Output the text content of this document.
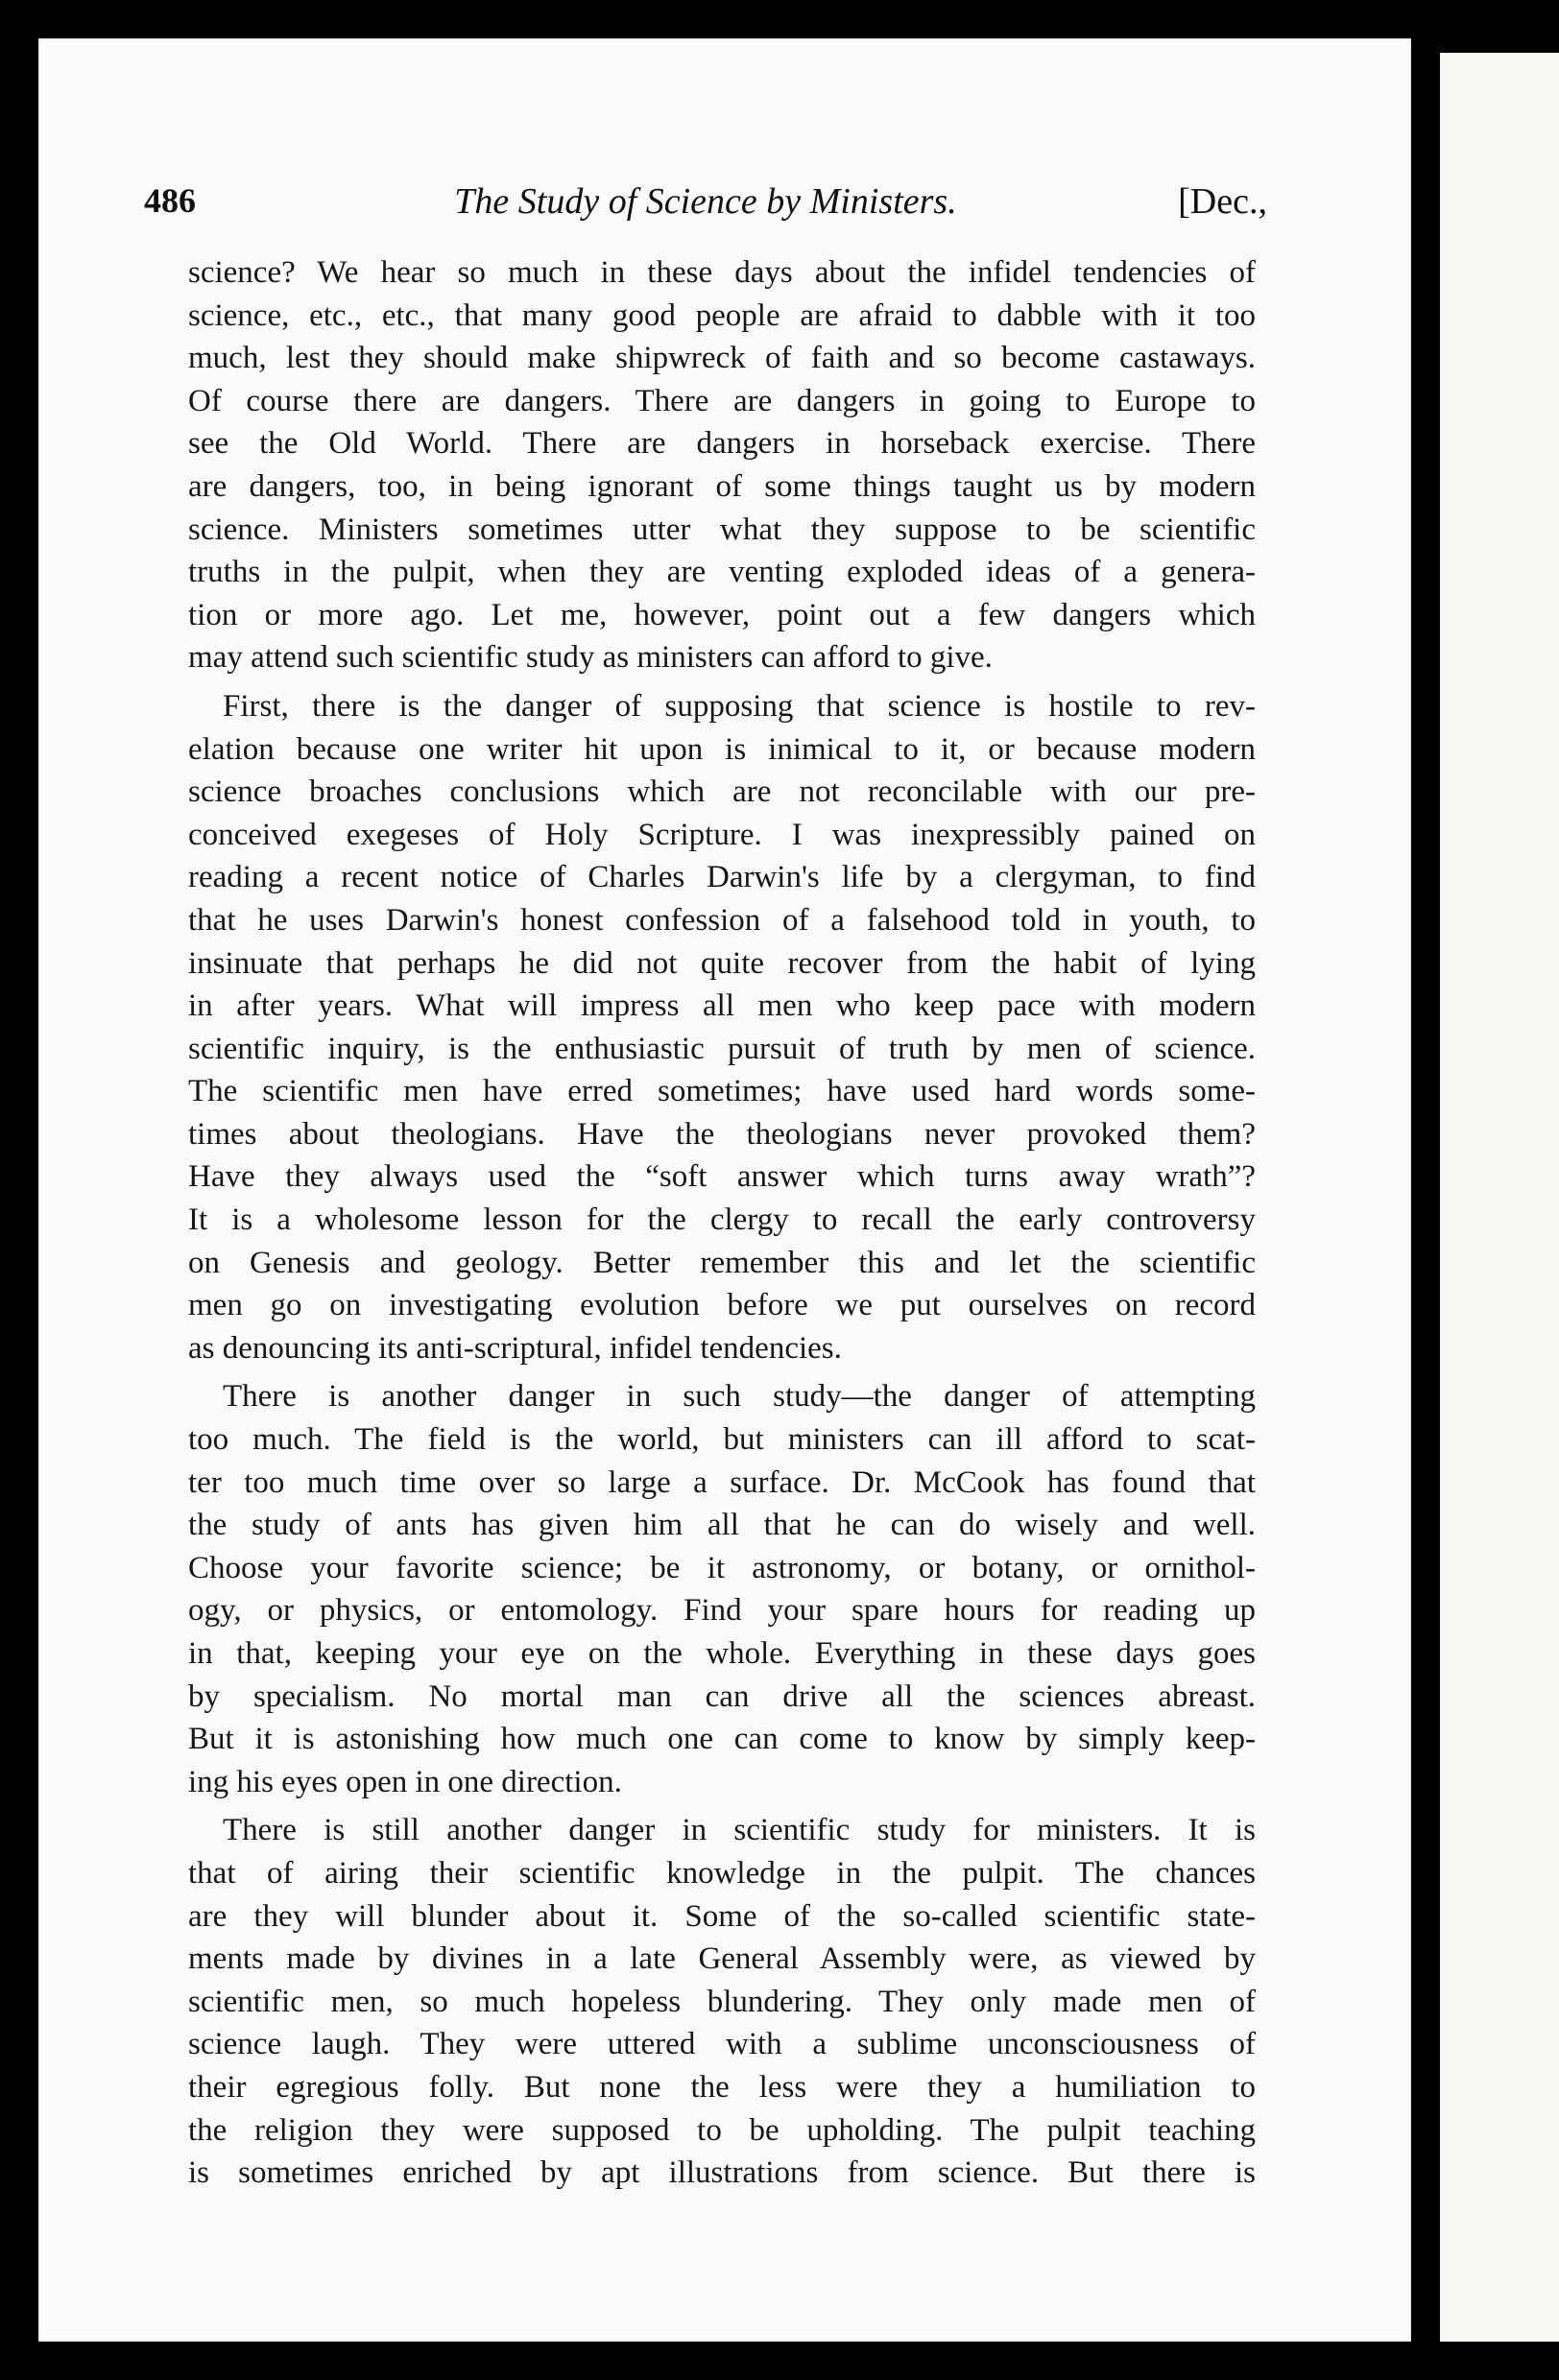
486	The Study of Science by Ministers.	[Dec.,
science? We hear so much in these days about the infidel tendencies of
science, etc., etc., that many good people are afraid to dabble with it too
much, lest they should make shipwreck of faith and so become castaways.
Of course there are dangers. There are dangers in going to Europe to
see the Old World. There are dangers in horseback exercise. There
are dangers, too, in being ignorant of some things taught us by modern
science. Ministers sometimes utter what they suppose to be scientific
truths in the pulpit, when they are venting exploded ideas of a genera-
tion or more ago. Let me, however, point out a few dangers which
may attend such scientific study as ministers can afford to give.
First, there is the danger of supposing that science is hostile to rev-
elation because one writer hit upon is inimical to it, or because modern
science broaches conclusions which are not reconcilable with our pre-
conceived exegeses of Holy Scripture. I was inexpressibly pained on
reading a recent notice of Charles Darwin's life by a clergyman, to find
that he uses Darwin's honest confession of a falsehood told in youth, to
insinuate that perhaps he did not quite recover from the habit of lying
in after years. What will impress all men who keep pace with modern
scientific inquiry, is the enthusiastic pursuit of truth by men of science.
The scientific men have erred sometimes; have used hard words some-
times about theologians. Have the theologians never provoked them?
Have they always used the “soft answer which turns away wrath”?
It is a wholesome lesson for the clergy to recall the early controversy
on Genesis and geology. Better remember this and let the scientific
men go on investigating evolution before we put ourselves on record
as denouncing its anti-scriptural, infidel tendencies.
There is another danger in such study—the danger of attempting
too much. The field is the world, but ministers can ill afford to scat-
ter too much time over so large a surface. Dr. McCook has found that
the study of ants has given him all that he can do wisely and well.
Choose your favorite science; be it astronomy, or botany, or ornithol-
ogy, or physics, or entomology. Find your spare hours for reading up
in that, keeping your eye on the whole. Everything in these days goes
by specialism. No mortal man can drive all the sciences abreast.
But it is astonishing how much one can come to know by simply keep-
ing his eyes open in one direction.
There is still another danger in scientific study for ministers. It is
that of airing their scientific knowledge in the pulpit. The chances
are they will blunder about it. Some of the so-called scientific state-
ments made by divines in a late General Assembly were, as viewed by
scientific men, so much hopeless blundering. They only made men of
science laugh. They were uttered with a sublime unconsciousness of
their egregious folly. But none the less were they a humiliation to
the religion they were supposed to be upholding. The pulpit teaching
is sometimes enriched by apt illustrations from science. But there is
